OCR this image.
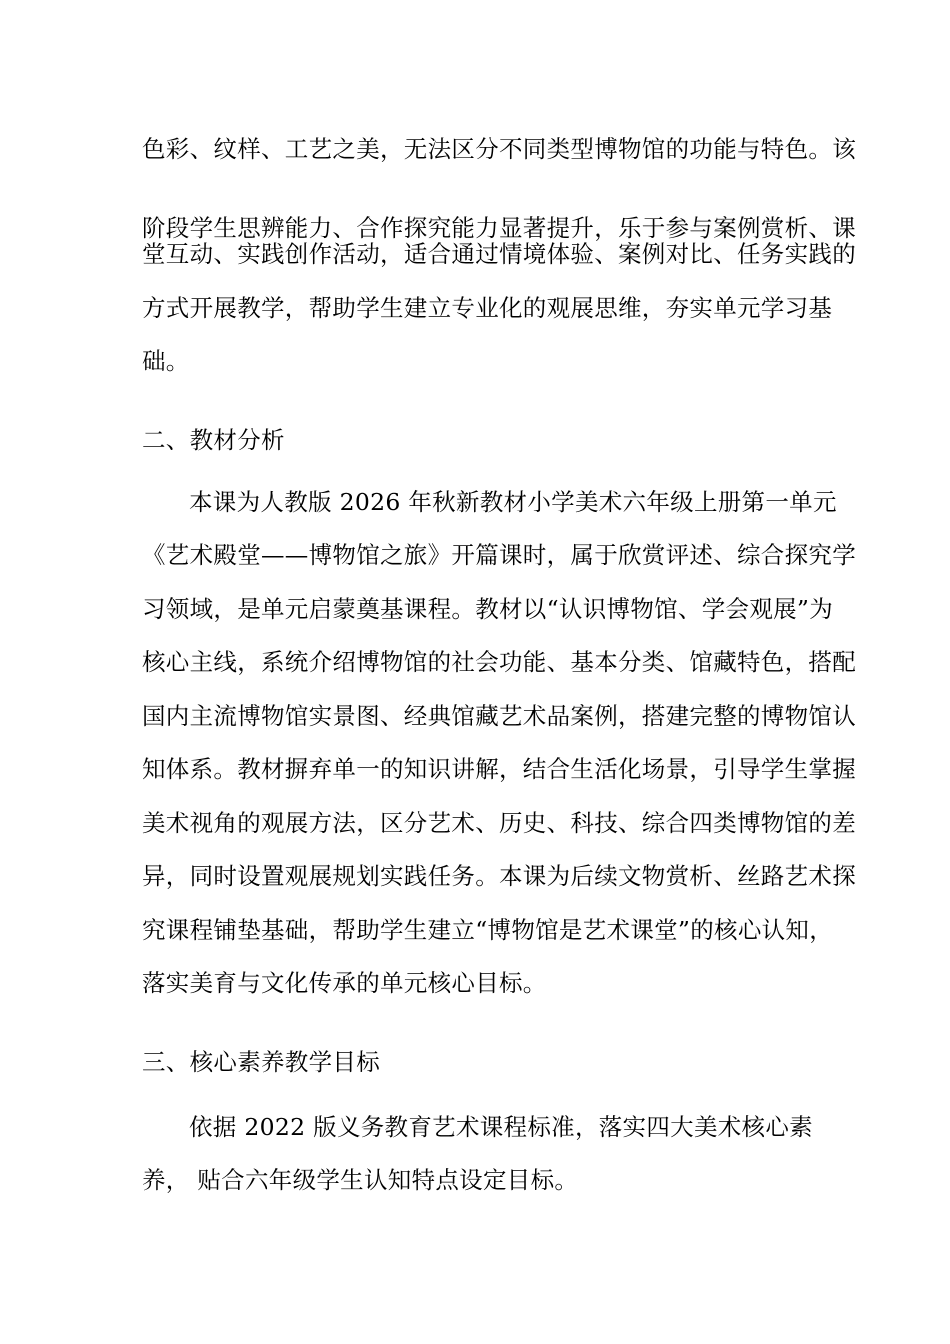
色彩、纹样、工艺之美，无法区分不同类型博物馆的功能与特色。该
阶段学生思辨能力、合作探究能力显著提升，乐于参与案例赏析、课
堂互动、实践创作活动，适合通过情境体验、案例对比、任务实践的
方式开展教学，帮助学生建立专业化的观展思维，夯实单元学习基
础。
二、教材分析
本课为人教版 2026 年秋新教材小学美术六年级上册第一单元
《艺术殿堂——博物馆之旅》开篇课时，属于欣赏评述、综合探究学
习领域，是单元启蒙奠基课程。教材以“认识博物馆、学会观展”为
核心主线，系统介绍博物馆的社会功能、基本分类、馆藏特色，搭配
国内主流博物馆实景图、经典馆藏艺术品案例，搭建完整的博物馆认
知体系。教材摒弃单一的知识讲解，结合生活化场景，引导学生掌握
美术视角的观展方法，区分艺术、历史、科技、综合四类博物馆的差
异，同时设置观展规划实践任务。本课为后续文物赏析、丝路艺术探
究课程铺垫基础，帮助学生建立“博物馆是艺术课堂”的核心认知，
落实美育与文化传承的单元核心目标。
三、核心素养教学目标
依据 2022 版义务教育艺术课程标准，落实四大美术核心素
养， 贴合六年级学生认知特点设定目标。
